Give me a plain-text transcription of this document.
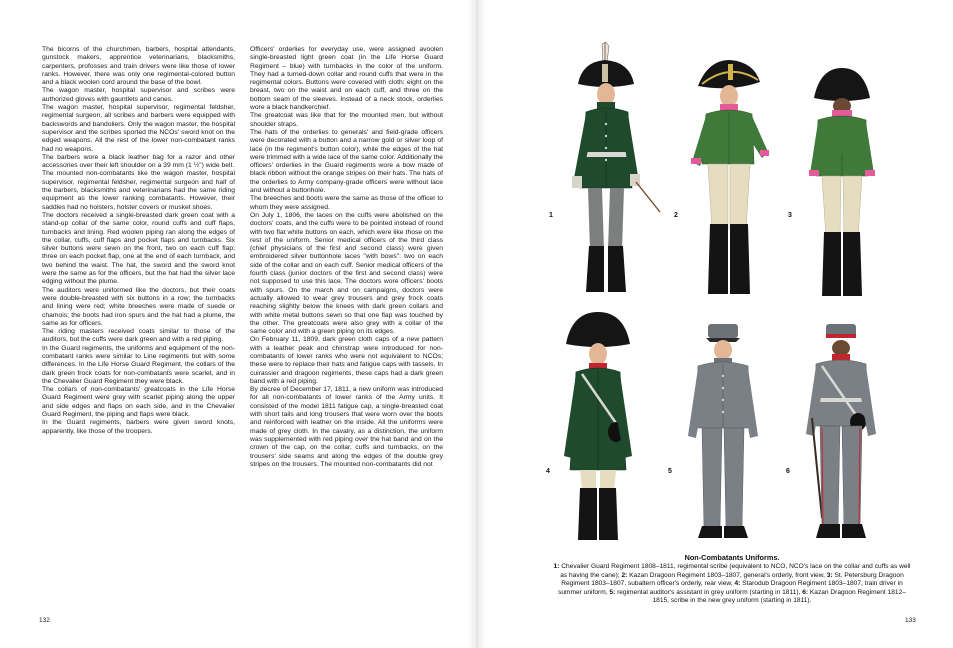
The bicorns of the churchmen, barbers, hospital attendants, gunstock makers, apprentice veterinarians, blacksmiths, carpenters, profosses and train drivers were like those of lower ranks. However, there was only one regimental-colored button and a black woolen cord around the base of the bowl.

The wagon master, hospital supervisor and scribes were authorized gloves with gauntlets and canes.

The wagon master, hospital supervisor, regimental feldsher, regimental surgeon, all scribes and barbers were equipped with backswords and bandoliers. Only the wagon master, the hospital supervisor and the scribes sported the NCOs' sword knot on the edged weapons. All the rest of the lower non-combatant ranks had no weapons.

The barbers wore a black leather bag for a razor and other accessories over their left shoulder on a 39 mm (1 ½") wide belt.

The mounted non-combatants like the wagon master, hospital supervisor, regimental feldsher, regimental surgeon and half of the barbers, blacksmiths and veterinarians had the same riding equipment as the lower ranking combatants. However, their saddles had no holsters, holster covers or musket shoes.

The doctors received a single-breasted dark green coat with a stand-up collar of the same color, round cuffs and cuff flaps, turnbacks and lining. Red woolen piping ran along the edges of the collar, cuffs, cuff flaps and pocket flaps and turnbacks. Six silver buttons were sewn on the front, two on each cuff flap, three on each pocket flap, one at the end of each turnback, and two behind the waist. The hat, the sword and the sword knot were the same as for the officers, but the hat had the silver lace edging without the plume.

The auditors were uniformed like the doctors, but their coats were double-breasted with six buttons in a row; the turnbacks and lining were red; white breeches were made of suede or chamois; the boots had iron spurs and the hat had a plume, the same as for officers.

The riding masters received coats similar to those of the auditors, but the cuffs were dark green and with a red piping.

In the Guard regiments, the uniforms and equipment of the non-combatant ranks were similar to Line regiments but with some differences. In the Life Horse Guard Regiment, the collars of the dark green frock coats for non-combatants were scarlet, and in the Chevalier Guard Regiment they were black.

The collars of non-combatants' greatcoats in the Life Horse Guard Regiment were grey with scarlet piping along the upper and side edges and flaps on each side, and in the Chevalier Guard Regiment, the piping and flaps were black.

In the Guard regiments, barbers were given sword knots, apparently, like those of the troopers.

Officers' orderlies for everyday use, were assigned avoolen single-breasted light green coat (in the Life Horse Guard Regiment – blue) with turnbacks in the color of the uniform. They had a turned-down collar and round cuffs that were in the regimental colors. Buttons were covered with cloth: eight on the breast, two on the waist and on each cuff, and three on the bottom seam of the sleeves. Instead of a neck stock, orderlies wore a black handkerchief.

The greatcoat was like that for the mounted men, but without shoulder straps.

The hats of the orderlies to generals' and field-grade officers were decorated with a button and a narrow gold or silver loop of lace (in the regiment's button color), while the edges of the hat were trimmed with a wide lace of the same color. Additionally the officers' orderlies in the Guard regiments wore a bow made of black ribbon without the orange stripes on their hats. The hats of the orderlies to Army company-grade officers were without lace and without a buttonhole.

The breeches and boots were the same as those of the officer to whom they were assigned.

On July 1, 1806, the laces on the cuffs were abolished on the doctors' coats, and the cuffs were to be pointed instead of round with two flat white buttons on each, which were like those on the rest of the uniform. Senior medical officers of the third class (chief physicians of the first and second class) were given embroidered silver buttonhole laces "with bows": two on each side of the collar and on each cuff. Senior medical officers of the fourth class (junior doctors of the first and second class) were not supposed to use this lace. The doctors wore officers' boots with spurs. On the march and on campaigns, doctors were actually allowed to wear grey trousers and grey frock coats reaching slightly below the knees with dark green collars and with white metal buttons sewn so that one flap was touched by the other. The greatcoats were also grey with a collar of the same color and with a green piping on its edges.

On February 11, 1809, dark green cloth caps of a new pattern with a leather peak and chinstrap were introduced for non-combatants of lower ranks who were not equivalent to NCOs; these were to replace their hats and fatigue caps with tassels. In cuirassier and dragoon regiments, these caps had a dark green band with a red piping.

By decree of December 17, 1811, a new uniform was introduced for all non-combatants of lower ranks of the Army units. It consisted of the model 1811 fatigue cap, a single-breasted coat with short tails and long trousers that were worn over the boots and reinforced with leather on the inside. All the uniforms were made of grey cloth. In the cavalry, as a distinction, the uniform was supplemented with red piping over the hat band and on the crown of the cap, on the collar, cuffs and turnbacks, on the trousers' side seams and along the edges of the double grey stripes on the trousers. The mounted non-combatants did not

132
1	2	3
4	5	6
Non-Combatants Uniforms.
1: Chevalier Guard Regiment 1808–1811, regimental scribe (equivalent to NCO, NCO's lace on the collar and cuffs as well as having the cane); 2: Kazan Dragoon Regiment 1803–1807, general's orderly, front view, 3: St. Petersburg Dragoon Regiment 1803–1807, subaltern officer's orderly, rear view, 4: Starodub Dragoon Regiment 1803–1807, train driver in summer uniform, 5: regimental auditor's assistant in grey uniform (starting in 1811), 6: Kazan Dragoon Regiment 1812–1815, scribe in the new grey uniform (starting in 1811).
133
